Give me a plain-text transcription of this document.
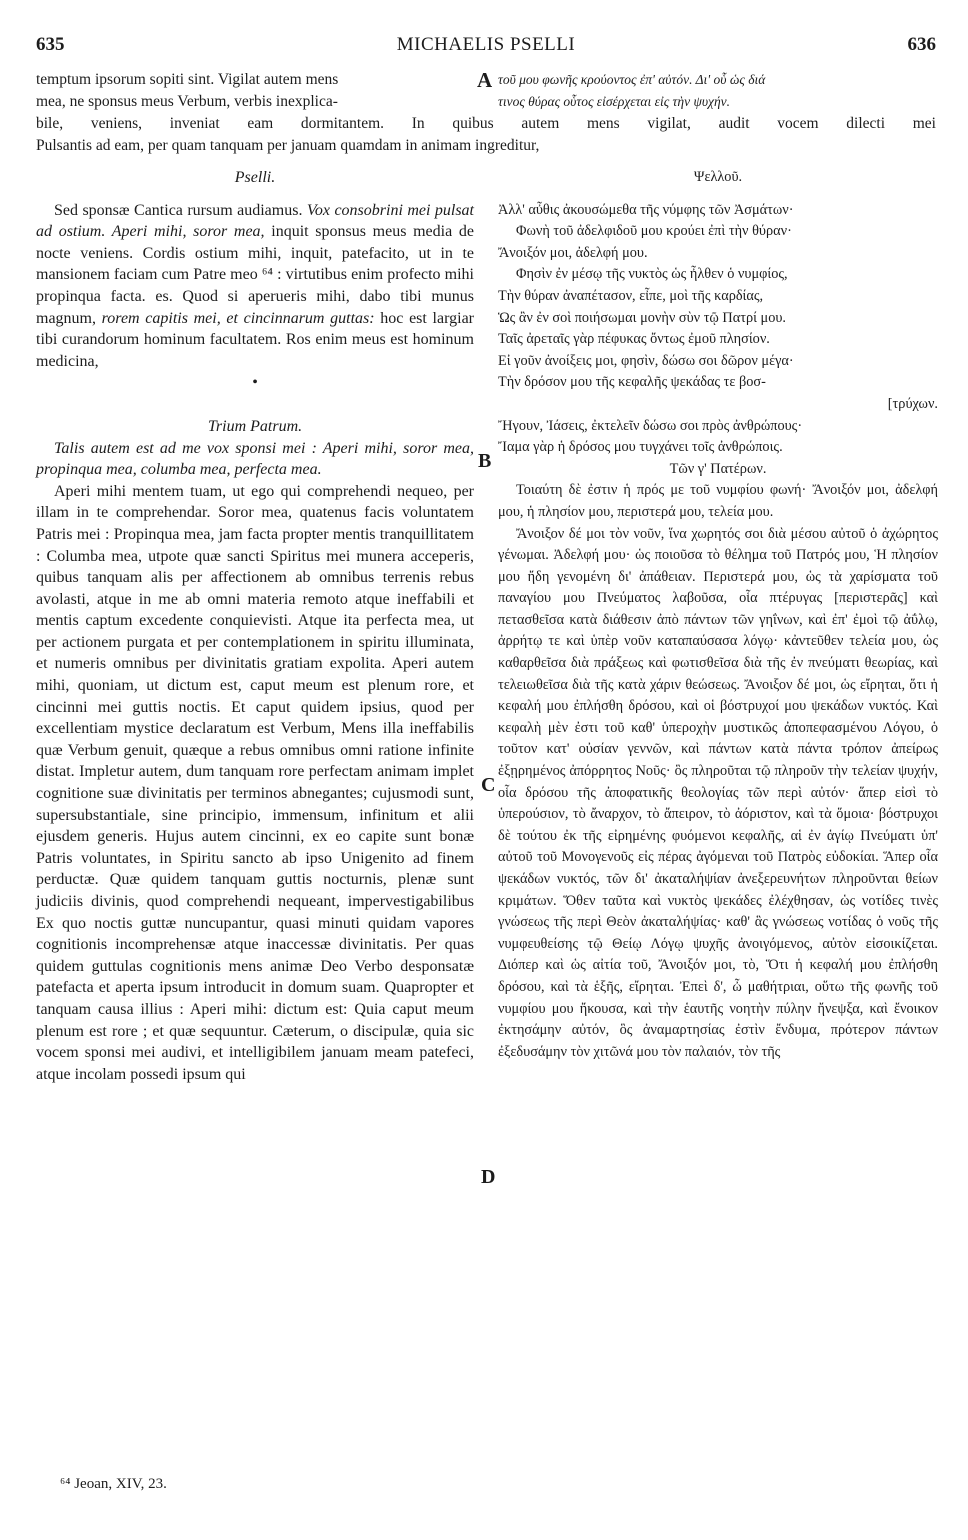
635	MICHAELIS PSELLI	636
temptum ipsorum sopiti sint. Vigilat autem mens	A τοῦ μου φωνῆς κρούοντος ἐπ' αὐτόν. Δι' οὗ ὡς διά
mea, ne sponsus meus Verbum, verbis inexplica-	τινος θύρας οὗτος εἰσέρχεται εἰς τὴν ψυχήν.
bile, veniens, inveniat eam dormitantem. In quibus autem mens vigilat, audit vocem dilecti mei
Pulsantis ad eam, per quam tanquam per januam quamdam in animam ingreditur,

Pselli.

Sed sponsæ Cantica rursum audiamus. Vox consobrini mei pulsat ad ostium. Aperi mihi, soror mea, inquit sponsus meus media de nocte veniens. Cordis ostium mihi, inquit, patefacito, ut in te mansionem faciam cum Patre meo ⁶⁴ : virtutibus enim profecto mihi propinqua facta. es. Quod si aperueris mihi, dabo tibi munus magnum, rorem capitis mei, et cincinnarum guttas: hoc est largiar tibi curandorum hominum facultatem. Ros enim meus est hominum medicina,

•

Trium Patrum.

Talis autem est ad me vox sponsi mei : Aperi mihi, soror mea, propinqua mea, columba mea, perfecta mea.

Aperi mihi mentem tuam, ut ego qui comprehendi nequeo, per illam in te comprehendar. Soror mea, quatenus facis voluntatem Patris mei : Propinqua mea, jam facta propter mentis tranquillitatem : Columba mea, utpote quæ sancti Spiritus mei munera acceperis, quibus tanquam alis per affectionem ab omnibus terrenis rebus avolasti, atque in me ab omni materia remoto atque ineffabili et mentis captum excedente conquievisti. Atque ita perfecta mea, ut per actionem purgata et per contemplationem in spiritu illuminata, et numeris omnibus per divinitatis gratiam expolita. Aperi autem mihi, quoniam, ut dictum est, caput meum est plenum rore, et cincinni mei guttis noctis. Et caput quidem ipsius, quod per excellentiam mystice declaratum est Verbum, Mens illa ineffabilis quæ Verbum genuit, quæque a rebus omnibus omni ratione infinite distat. Impletur autem, dum tanquam rore perfectam animam implet cognitione suæ divinitatis per terminos abnegantes; cujusmodi sunt, supersubstantiale, sine principio, immensum, infinitum et alii ejusdem generis. Hujus autem cincinni, ex eo capite sunt bonæ Patris voluntates, in Spiritu sancto ab ipso Unigenito ad finem perductæ. Quæ quidem tanquam guttis nocturnis, plenæ sunt judiciis divinis, quod comprehendi nequeant, impervestigabilibus Ex quo noctis guttæ nuncupantur, quasi minuti quidam vapores cognitionis incomprehensæ atque inaccessæ divinitatis. Per quas quidem guttulas cognitionis mens animæ Deo Verbo desponsatæ patefacta et aperta ipsum introducit in domum suam. Quapropter et tanquam causa illius : Aperi mihi: dictum est: Quia caput meum plenum est rore ; et quæ sequuntur. Cæterum, o discipulæ, quia sic vocem sponsi mei audivi, et intelligibilem januam meam patefeci, atque incolam possedi ipsum qui

Ψελλοῦ.

Ἀλλ' αὖθις ἀκουσώμεθα τῆς νύμφης τῶν Ἀσμάτων·

Φωνὴ τοῦ ἀδελφιδοῦ μου κρούει ἐπὶ τὴν θύραν·

Ἄνοιξόν μοι, ἀδελφή μου.

Φησὶν ἐν μέσῳ τῆς νυκτὸς ὡς ἦλθεν ὁ νυμφίος,

Τὴν θύραν ἀναπέτασον, εἶπε, μοὶ τῆς καρδίας,

Ὡς ἂν ἐν σοὶ ποιήσωμαι μονὴν σὺν τῷ Πατρί μου.

Ταῖς ἀρεταῖς γὰρ πέφυκας ὄντως ἐμοῦ πλησίον.

Εἰ γοῦν ἀνοίξεις μοι, φησὶν, δώσω σοι δῶρον μέγα·

Τὴν δρόσον μου τῆς κεφαλῆς ψεκάδας τε βοσ-

[τρύχων.

Ἤγουν, Ἰάσεις, ἐκτελεῖν δώσω σοι πρὸς ἀνθρώπους·

Ἴαμα γὰρ ἡ δρόσος μου τυγχάνει τοῖς ἀνθρώποις.

Τῶν γ' Πατέρων.

Τοιαύτη δὲ ἐστιν ἡ πρός με τοῦ νυμφίου φωνή· Ἄνοιξόν μοι, ἀδελφή μου, ἡ πλησίον μου, περιστερά μου, τελεία μου.

Ἄνοιξον δέ μοι τὸν νοῦν, ἵνα χωρητός σοι διὰ μέσου αὐτοῦ ὁ ἀχώρητος γένωμαι. Ἀδελφή μου· ὡς ποιοῦσα τὸ θέλημα τοῦ Πατρός μου, Ἡ πλησίον μου ἤδη γενομένη δι' ἀπάθειαν. Περιστερά μου, ὡς τὰ χαρίσματα τοῦ παναγίου μου Πνεύματος λαβοῦσα, οἷα πτέρυγας [περιστερᾶς] καὶ πετασθεῖσα κατὰ διάθεσιν ἀπὸ πάντων τῶν γηΐνων, καὶ ἐπ' ἐμοὶ τῷ ἀΰλῳ, ἀρρήτῳ τε καὶ ὑπὲρ νοῦν καταπαύσασα λόγῳ· κἀντεῦθεν τελεία μου, ὡς καθαρθεῖσα διὰ πράξεως καὶ φωτισθεῖσα διὰ τῆς ἐν πνεύματι θεωρίας, καὶ τελειωθεῖσα διὰ τῆς κατὰ χάριν θεώσεως. Ἄνοιξον δέ μοι, ὡς εἴρηται, ὅτι ἡ κεφαλή μου ἐπλήσθη δρόσου, καὶ οἱ βόστρυχοί μου ψεκάδων νυκτός. Καὶ κεφαλὴ μὲν ἐστι τοῦ καθ' ὑπεροχὴν μυστικῶς ἀποπεφασμένου Λόγου, ὁ τοῦτον κατ' οὐσίαν γεννῶν, καὶ πάντων κατὰ πάντα τρόπον ἀπείρως ἐξῃρημένος ἀπόρρητος Νοῦς· ὃς πληροῦται τῷ πληροῦν τὴν τελείαν ψυχήν, οἷα δρόσου τῆς ἀποφατικῆς θεολογίας τῶν περὶ αὐτόν· ἅπερ εἰσὶ τὸ ὑπερούσιον, τὸ ἄναρχον, τὸ ἄπειρον, τὸ ἀόριστον, καὶ τὰ ὅμοια· βόστρυχοι δὲ τούτου ἐκ τῆς εἰρημένης φυόμενοι κεφαλῆς, αἱ ἐν ἁγίῳ Πνεύματι ὑπ' αὐτοῦ τοῦ Μονογενοῦς εἰς πέρας ἀγόμεναι τοῦ Πατρὸς εὐδοκίαι. Ἅπερ οἷα ψεκάδων νυκτός, τῶν δι' ἀκαταλήψίαν ἀνεξερευνήτων πληροῦνται θείων κριμάτων. Ὅθεν ταῦτα καὶ νυκτὸς ψεκάδες ἐλέχθησαν, ὡς νοτίδες τινὲς γνώσεως τῆς περὶ Θεὸν ἀκαταλήψίας· καθ' ἃς γνώσεως νοτίδας ὁ νοῦς τῆς νυμφευθείσης τῷ Θείῳ Λόγῳ ψυχῆς ἀνοιγόμενος, αὐτὸν εἰσοικίζεται. Διόπερ καὶ ὡς αἰτία τοῦ, Ἄνοιξόν μοι, τὸ, Ὅτι ἡ κεφαλή μου ἐπλήσθη δρόσου, καὶ τὰ ἑξῆς, εἴρηται. Ἐπεὶ δ', ὦ μαθήτριαι, οὕτω τῆς φωνῆς τοῦ νυμφίου μου ἤκουσα, καὶ τὴν ἑαυτῆς νοητὴν πύλην ἤνεψξα, καὶ ἔνοικον ἐκτησάμην αὐτόν, ὃς ἀναμαρτησίας ἐστὶν ἔνδυμα, πρότερον πάντων ἐξεδυσάμην τὸν χιτῶνά μου τὸν παλαιόν, τὸν τῆς

B
C
D
⁶⁴ Jeoan, XIV, 23.
